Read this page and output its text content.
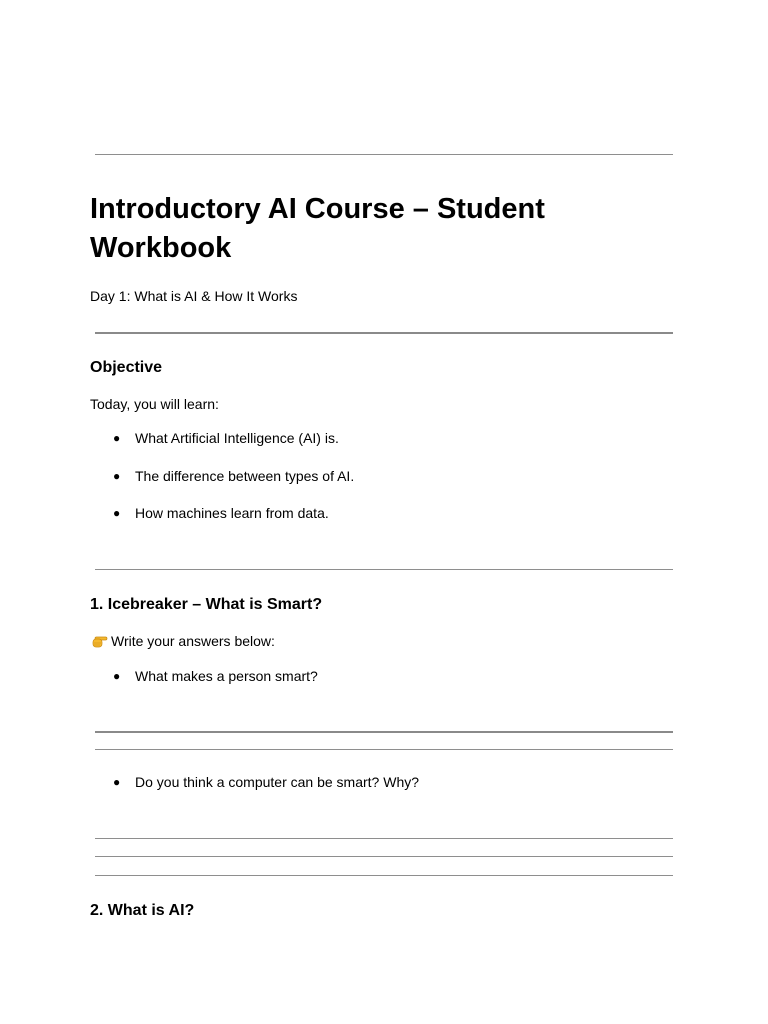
Introductory AI Course – Student Workbook

Day 1: What is AI & How It Works

Objective

Today, you will learn:

● What Artificial Intelligence (AI) is.
● The difference between types of AI.
● How machines learn from data.
1. Icebreaker – What is Smart?

Write your answers below:

● What makes a person smart?
● Do you think a computer can be smart? Why?
2. What is AI?
